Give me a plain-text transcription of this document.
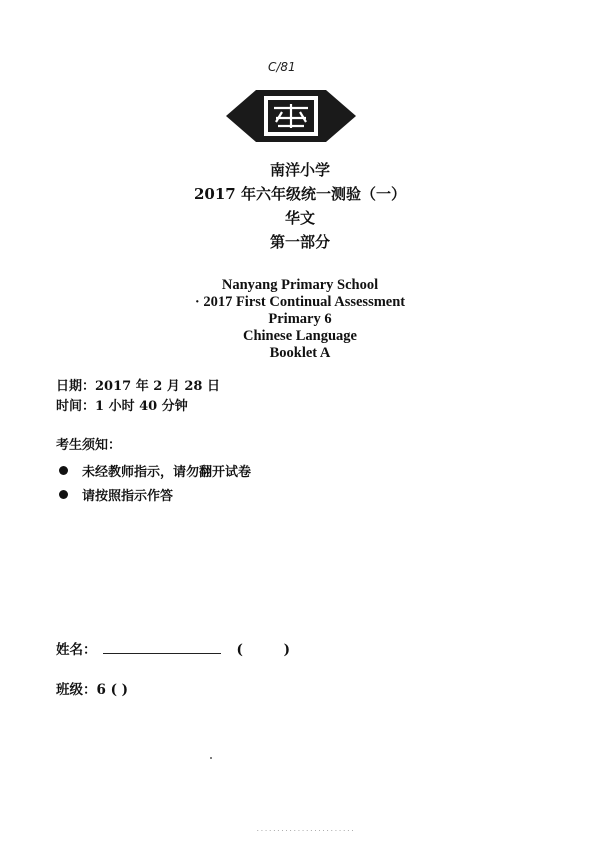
C/81
南洋小学
2017 年六年级统一测验（一）
华文
第一部分
Nanyang Primary School
· 2017 First Continual Assessment
Primary 6
Chinese Language
Booklet A
日期：2017 年 2 月 28 日
时间：1 小时 40 分钟
考生须知：
未经教师指示，请勿翻开试卷
请按照指示作答
姓名：	( )
班级： 6 ( )
........................
